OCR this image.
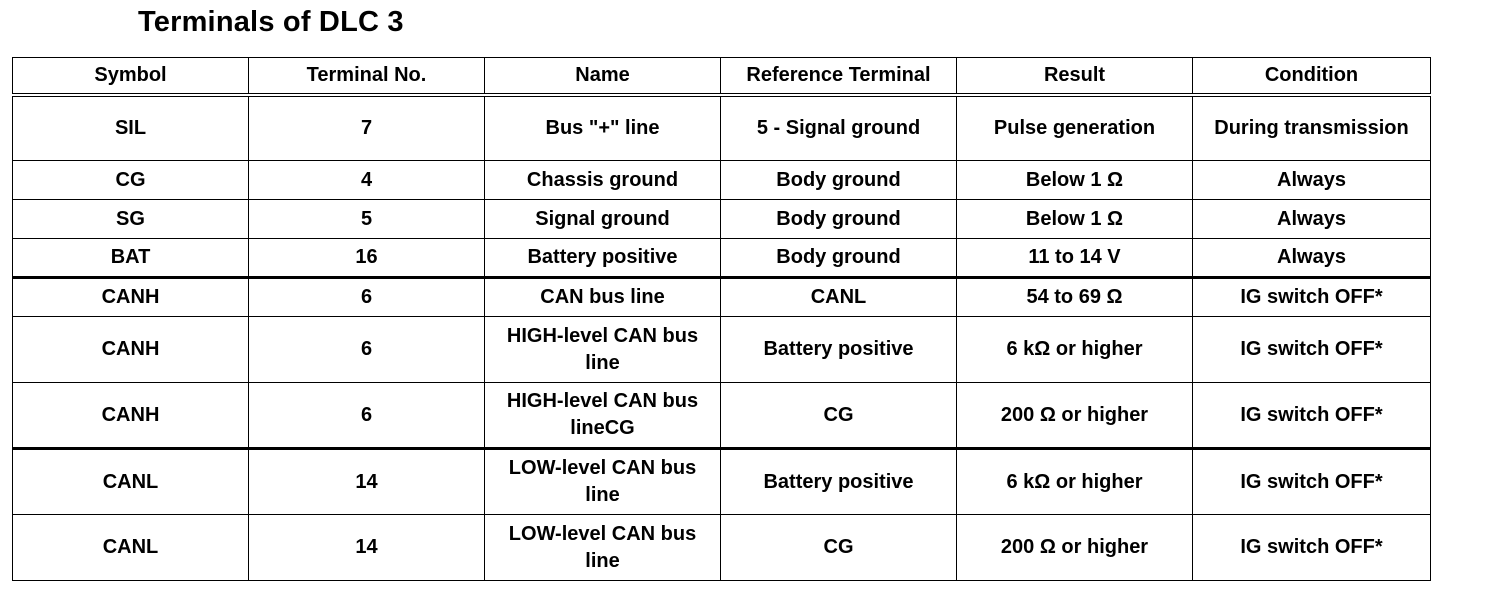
Terminals of DLC 3
Symbol	Terminal No.	Name	Reference Terminal	Result	Condition
SIL	7	Bus "+" line	5 - Signal ground	Pulse generation	During transmission
CG	4	Chassis ground	Body ground	Below 1 Ω	Always
SG	5	Signal ground	Body ground	Below 1 Ω	Always
BAT	16	Battery positive	Body ground	11 to 14 V	Always
CANH	6	CAN bus line	CANL	54 to 69 Ω	IG switch OFF*
CANH	6	HIGH-level CAN bus line	Battery positive	6 kΩ or higher	IG switch OFF*
CANH	6	HIGH-level CAN bus lineCG	CG	200 Ω or higher	IG switch OFF*
CANL	14	LOW-level CAN bus line	Battery positive	6 kΩ or higher	IG switch OFF*
CANL	14	LOW-level CAN bus line	CG	200 Ω or higher	IG switch OFF*
